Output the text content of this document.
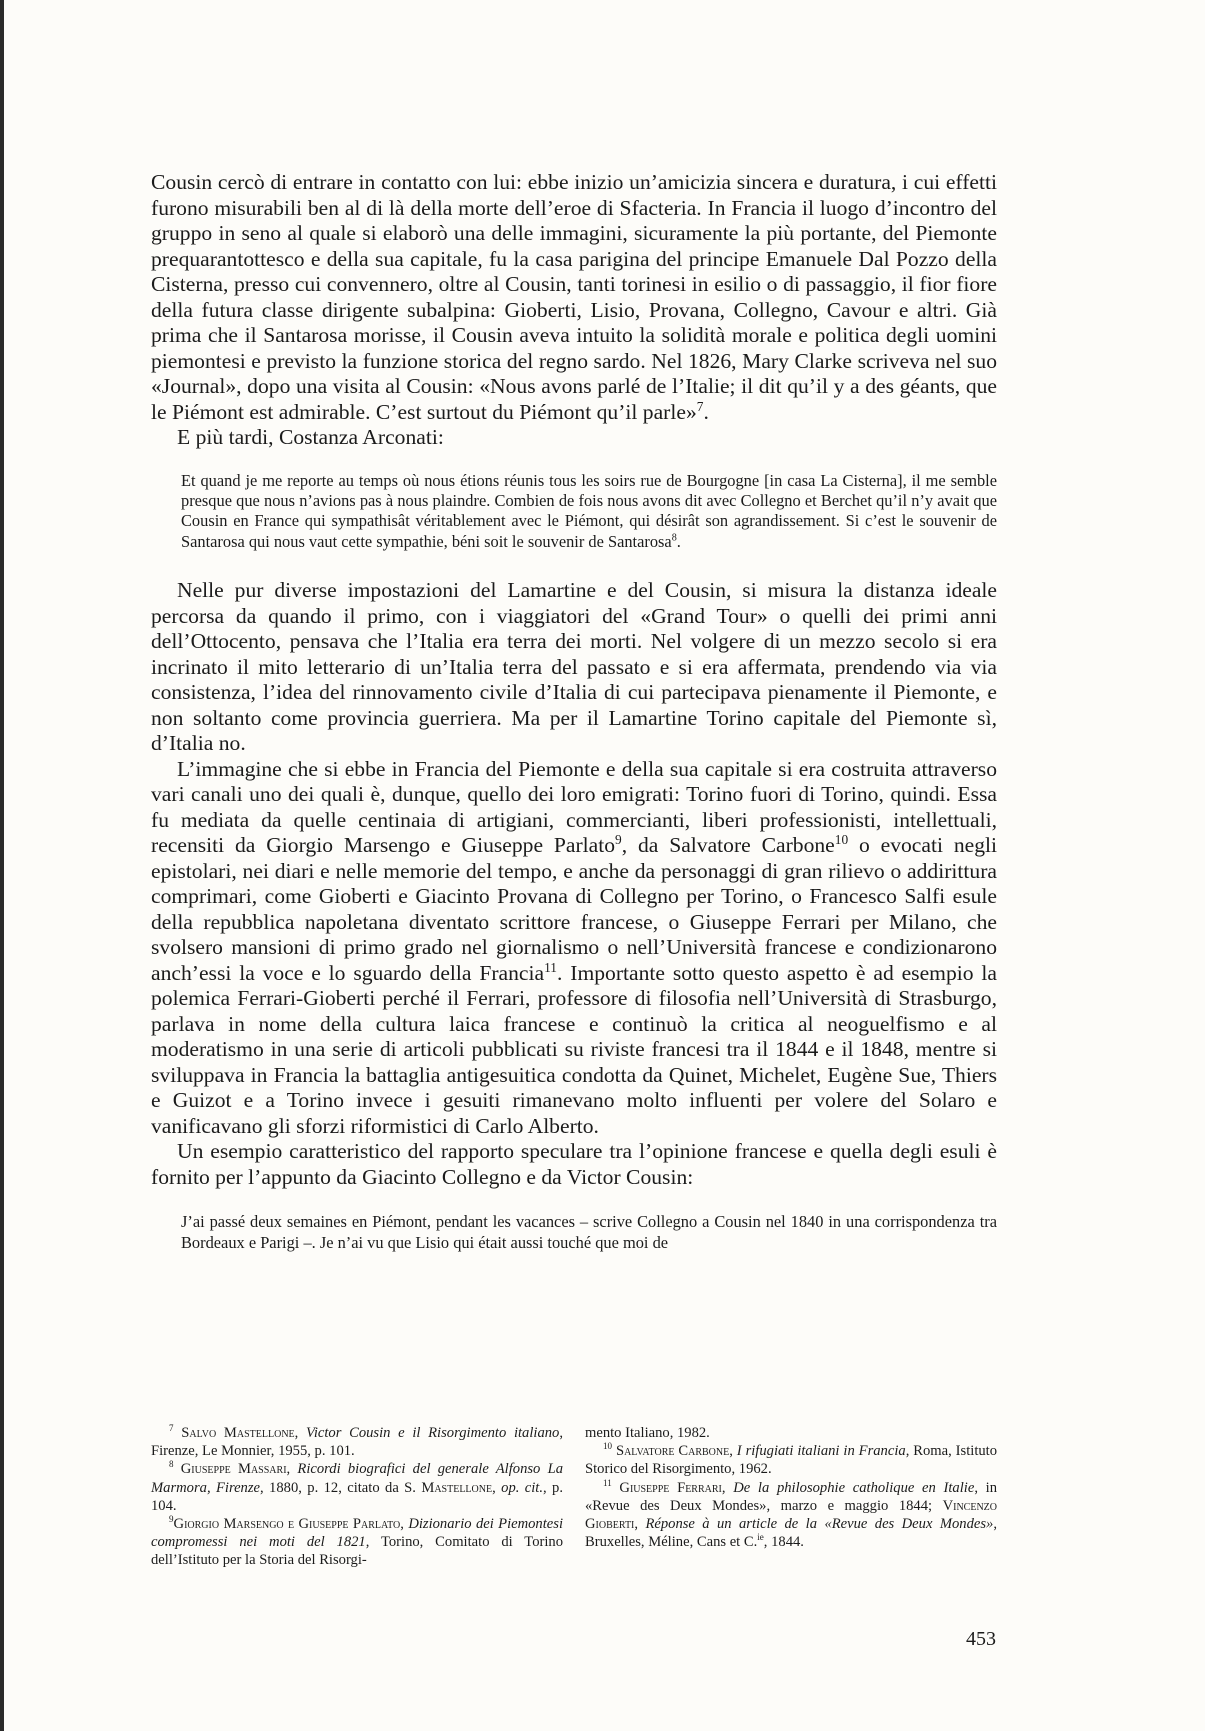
Cousin cercò di entrare in contatto con lui: ebbe inizio un’amicizia sincera e duratura, i cui effetti furono misurabili ben al di là della morte dell’eroe di Sfacteria. In Francia il luogo d’incontro del gruppo in seno al quale si elaborò una delle immagini, sicuramente la più portante, del Piemonte prequarantottesco e della sua capitale, fu la casa parigina del principe Emanuele Dal Pozzo della Cisterna, presso cui convennero, oltre al Cousin, tanti torinesi in esilio o di passaggio, il fior fiore della futura classe dirigente subalpina: Gioberti, Lisio, Provana, Collegno, Cavour e altri. Già prima che il Santarosa morisse, il Cousin aveva intuito la solidità morale e politica degli uomini piemontesi e previsto la funzione storica del regno sardo. Nel 1826, Mary Clarke scriveva nel suo «Journal», dopo una visita al Cousin: «Nous avons parlé de l’Italie; il dit qu’il y a des géants, que le Piémont est admirable. C’est surtout du Piémont qu’il parle»$^7$.

E più tardi, Costanza Arconati:

Et quand je me reporte au temps où nous étions réunis tous les soirs rue de Bourgogne [in casa La Cisterna], il me semble presque que nous n’avions pas à nous plaindre. Combien de fois nous avons dit avec Collegno et Berchet qu’il n’y avait que Cousin en France qui sympathisât véritablement avec le Piémont, qui désirât son agrandissement. Si c’est le souvenir de Santarosa qui nous vaut cette sympathie, béni soit le souvenir de Santarosa$^8$.

Nelle pur diverse impostazioni del Lamartine e del Cousin, si misura la distanza ideale percorsa da quando il primo, con i viaggiatori del «Grand Tour» o quelli dei primi anni dell’Ottocento, pensava che l’Italia era terra dei morti. Nel volgere di un mezzo secolo si era incrinato il mito letterario di un’Italia terra del passato e si era affermata, prendendo via via consistenza, l’idea del rinnovamento civile d’Italia di cui partecipava pienamente il Piemonte, e non soltanto come provincia guerriera. Ma per il Lamartine Torino capitale del Piemonte sì, d’Italia no.

L’immagine che si ebbe in Francia del Piemonte e della sua capitale si era costruita attraverso vari canali uno dei quali è, dunque, quello dei loro emigrati: Torino fuori di Torino, quindi. Essa fu mediata da quelle centinaia di artigiani, commercianti, liberi professionisti, intellettuali, recensiti da Giorgio Marsengo e Giuseppe Parlato$^9$, da Salvatore Carbone$^{10}$ o evocati negli epistolari, nei diari e nelle memorie del tempo, e anche da personaggi di gran rilievo o addirittura comprimari, come Gioberti e Giacinto Provana di Collegno per Torino, o Francesco Salfi esule della repubblica napoletana diventato scrittore francese, o Giuseppe Ferrari per Milano, che svolsero mansioni di primo grado nel giornalismo o nell’Università francese e condizionarono anch’essi la voce e lo sguardo della Francia$^{11}$. Importante sotto questo aspetto è ad esempio la polemica Ferrari-Gioberti perché il Ferrari, professore di filosofia nell’Università di Strasburgo, parlava in nome della cultura laica francese e continuò la critica al neoguelfismo e al moderatismo in una serie di articoli pubblicati su riviste francesi tra il 1844 e il 1848, mentre si sviluppava in Francia la battaglia antigesuitica condotta da Quinet, Michelet, Eugène Sue, Thiers e Guizot e a Torino invece i gesuiti rimanevano molto influenti per volere del Solaro e vanificavano gli sforzi riformistici di Carlo Alberto.

Un esempio caratteristico del rapporto speculare tra l’opinione francese e quella degli esuli è fornito per l’appunto da Giacinto Collegno e da Victor Cousin:

J’ai passé deux semaines en Piémont, pendant les vacances – scrive Collegno a Cousin nel 1840 in una corrispondenza tra Bordeaux e Parigi –. Je n’ai vu que Lisio qui était aussi touché que moi de

$^7$ Salvo Mastellone, Victor Cousin e il Risorgimento italiano, Firenze, Le Monnier, 1955, p. 101.

$^8$ Giuseppe Massari, Ricordi biografici del generale Alfonso La Marmora, Firenze, 1880, p. 12, citato da S. Mastellone, op. cit., p. 104.

$^9$Giorgio Marsengo e Giuseppe Parlato, Dizionario dei Piemontesi compromessi nei moti del 1821, Torino, Comitato di Torino dell’Istituto per la Storia del Risorgi-

mento Italiano, 1982.

$^{10}$ Salvatore Carbone, I rifugiati italiani in Francia, Roma, Istituto Storico del Risorgimento, 1962.

$^{11}$ Giuseppe Ferrari, De la philosophie catholique en Italie, in «Revue des Deux Mondes», marzo e maggio 1844; Vincenzo Gioberti, Réponse à un article de la «Revue des Deux Mondes», Bruxelles, Méline, Cans et C.$^{ie}$, 1844.

453
